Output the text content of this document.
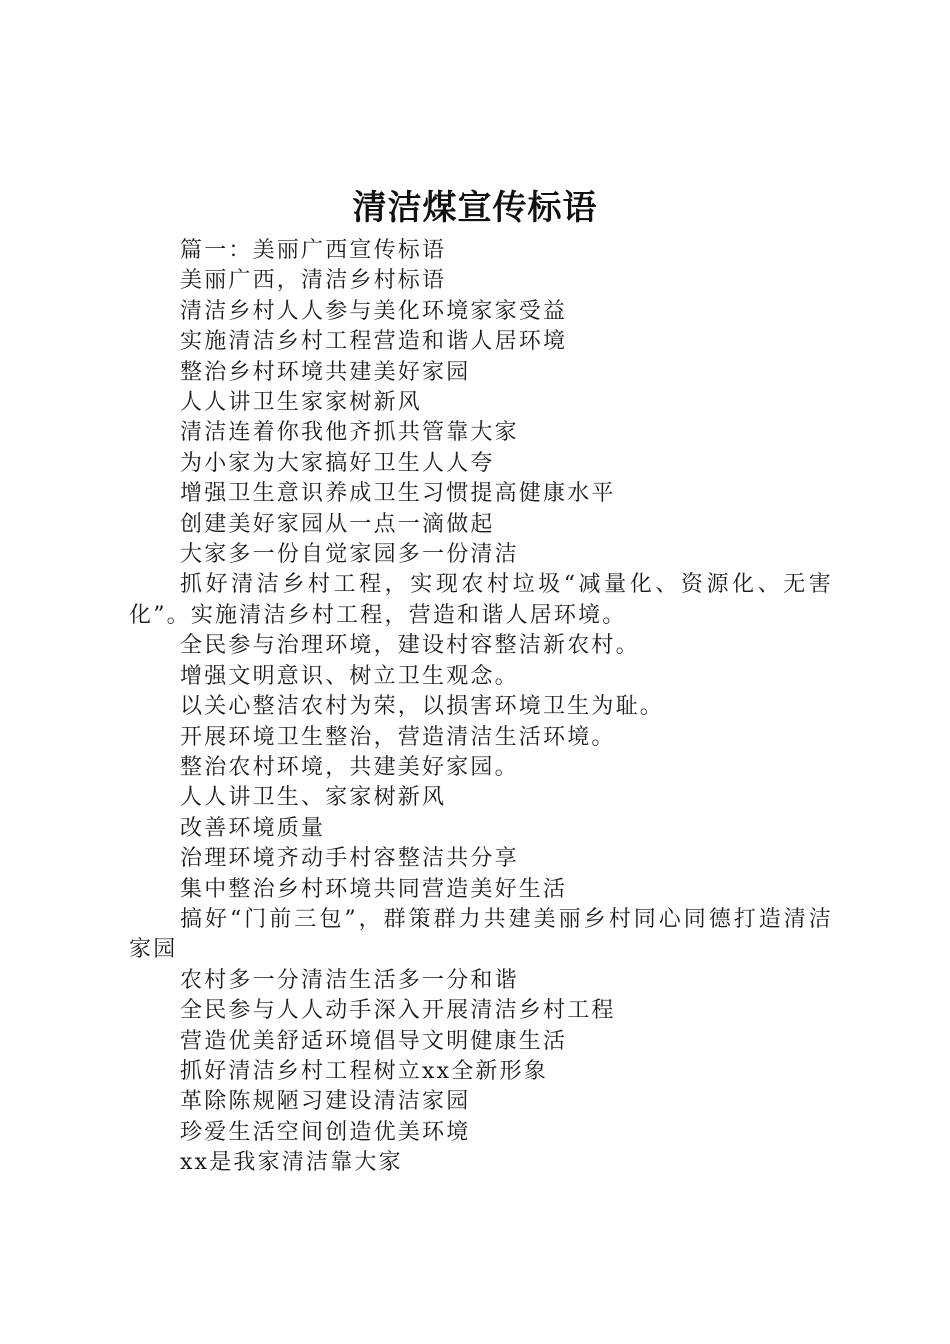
清洁煤宣传标语

篇一：美丽广西宣传标语

美丽广西，清洁乡村标语

清洁乡村人人参与美化环境家家受益

实施清洁乡村工程营造和谐人居环境

整治乡村环境共建美好家园

人人讲卫生家家树新风

清洁连着你我他齐抓共管靠大家

为小家为大家搞好卫生人人夸

增强卫生意识养成卫生习惯提高健康水平

创建美好家园从一点一滴做起

大家多一份自觉家园多一份清洁

抓好清洁乡村工程，实现农村垃圾“减量化、资源化、无害化”。实施清洁乡村工程，营造和谐人居环境。

全民参与治理环境，建设村容整洁新农村。

增强文明意识、树立卫生观念。

以关心整洁农村为荣，以损害环境卫生为耻。

开展环境卫生整治，营造清洁生活环境。

整治农村环境，共建美好家园。

人人讲卫生、家家树新风

改善环境质量

治理环境齐动手村容整洁共分享

集中整治乡村环境共同营造美好生活

搞好“门前三包”，群策群力共建美丽乡村同心同德打造清洁家园

农村多一分清洁生活多一分和谐

全民参与人人动手深入开展清洁乡村工程

营造优美舒适环境倡导文明健康生活

抓好清洁乡村工程树立xx全新形象

革除陈规陋习建设清洁家园

珍爱生活空间创造优美环境

xx是我家清洁靠大家
